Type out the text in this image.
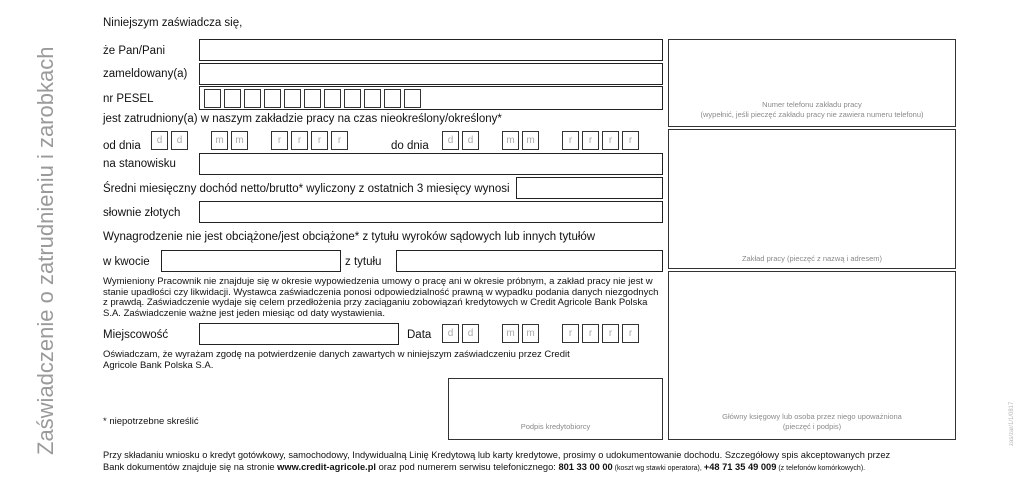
Zaświadczenie o zatrudnieniu i zarobkach	zas/zar/1/1/0817
Niniejszym zaświadcza się,
że Pan/Pani
zameldowany(a)
nr PESEL
jest zatrudniony(a) w naszym zakładzie pracy na czas nieokreślony/określony*
od dnia	d	d	m	m	r	r	r	r	do dnia	d	d	m	m	r	r	r	r
na stanowisku
Średni miesięczny dochód netto/brutto* wyliczony z ostatnich 3 miesięcy wynosi
słownie złotych
Wynagrodzenie nie jest obciążone/jest obciążone* z tytułu wyroków sądowych lub innych tytułów
w kwocie	z tytułu
Wymieniony Pracownik nie znajduje się w okresie wypowiedzenia umowy o pracę ani w okresie próbnym, a zakład pracy nie jest w stanie upadłości czy likwidacji. Wystawca zaświadczenia ponosi odpowiedzialność prawną w wypadku podania danych niezgodnych z prawdą. Zaświadczenie wydaje się celem przedłożenia przy zaciąganiu zobowiązań kredytowych w Credit Agricole Bank Polska S.A. Zaświadczenie ważne jest jeden miesiąc od daty wystawienia.
Miejscowość	Data	d	d	m	m	r	r	r	r
Oświadczam, że wyrażam zgodę na potwierdzenie danych zawartych w niniejszym zaświadczeniu przez Credit Agricole Bank Polska S.A.
* niepotrzebne skreślić	Podpis kredytobiorcy
Numer telefonu zakładu pracy
(wypełnić, jeśli pieczęć zakładu pracy nie zawiera numeru telefonu)
Zakład pracy (pieczęć z nazwą i adresem)
Główny księgowy lub osoba przez niego upoważniona
(pieczęć i podpis)
Przy składaniu wniosku o kredyt gotówkowy, samochodowy, Indywidualną Linię Kredytową lub karty kredytowe, prosimy o udokumentowanie dochodu. Szczegółowy spis akceptowanych przez
Bank dokumentów znajduje się na stronie www.credit-agricole.pl oraz pod numerem serwisu telefonicznego: 801 33 00 00 (koszt wg stawki operatora), +48 71 35 49 009 (z telefonów komórkowych).
